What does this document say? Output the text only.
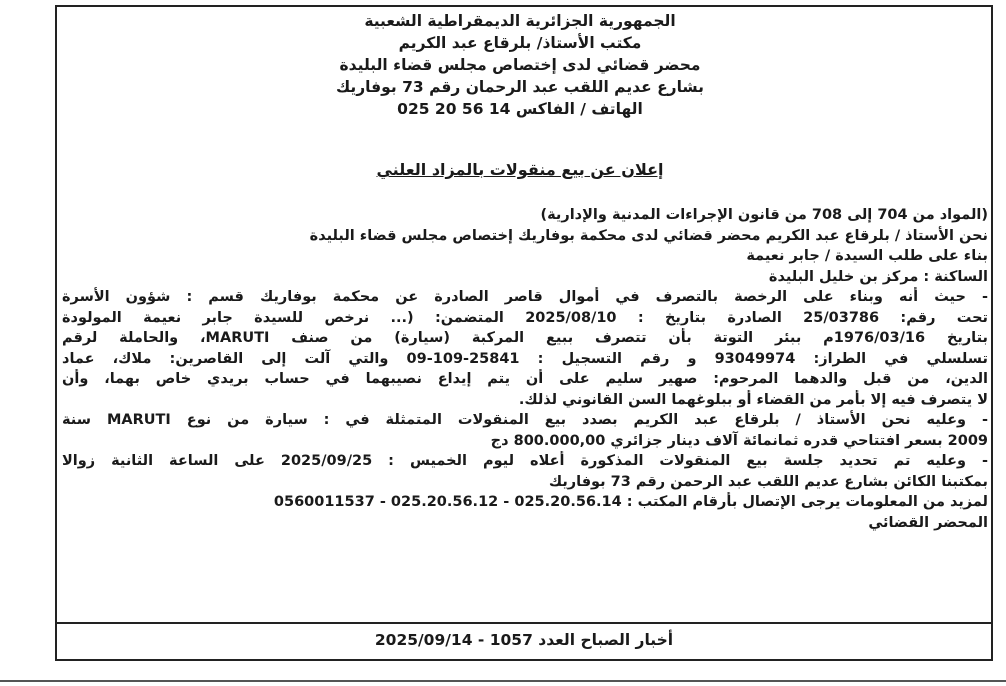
الجمهورية الجزائرية الديمقراطية الشعبية
مكتب الأستاذ/ بلرقاع عبد الكريم
محضر قضائي لدى إختصاص مجلس قضاء البليدة
بشارع عديم اللقب عبد الرحمان رقم 73 بوفاريك
الهاتف / الفاكس 14 56 20 025
إعلان عن بيع منقولات بالمزاد العلني
(المواد من 704 إلى 708 من قانون الإجراءات المدنية والإدارية)
نحن الأستاذ / بلرقاع عبد الكريم محضر قضائي لدى محكمة بوفاريك إختصاص مجلس قضاء البليدة
بناء على طلب السيدة / جابر نعيمة
الساكنة : مركز بن خليل البليدة
- حيث أنه وبناء على الرخصة بالتصرف في أموال قاصر الصادرة عن محكمة بوفاريك قسم : شؤون الأسرة
تحت رقم: 25/03786 الصادرة بتاريخ : 2025/08/10 المتضمن: (... نرخص للسيدة جابر نعيمة المولودة
بتاريخ 1976/03/16م ببئر التوتة بأن تتصرف ببيع المركبة (سيارة) من صنف MARUTI، والحاملة لرقم
تسلسلي في الطراز: 93049974 و رقم التسجيل : 25841-109-09 والتي آلت إلى القاصرين: ملاك، عماد
الدين، من قبل والدهما المرحوم: صهير سليم على أن يتم إيداع نصيبهما في حساب بريدي خاص بهما، وأن
لا يتصرف فيه إلا بأمر من القضاء أو ببلوغهما السن القانوني لذلك.
- وعليه نحن الأستاذ / بلرقاع عبد الكريم بصدد بيع المنقولات المتمثلة في : سيارة من نوع MARUTI سنة
2009 بسعر افتتاحي قدره ثمانمائة آلاف دينار جزائري 800.000,00 دج
- وعليه تم تحديد جلسة بيع المنقولات المذكورة أعلاه ليوم الخميس : 2025/09/25 على الساعة الثانية زوالا
بمكتبنا الكائن بشارع عديم اللقب عبد الرحمن رقم 73 بوفاريك
لمزيد من المعلومات يرجى الإتصال بأرقام المكتب : 025.20.56.14 - 025.20.56.12 - 0560011537
المحضر القضائي
أخبار الصباح العدد 1057 - 2025/09/14
